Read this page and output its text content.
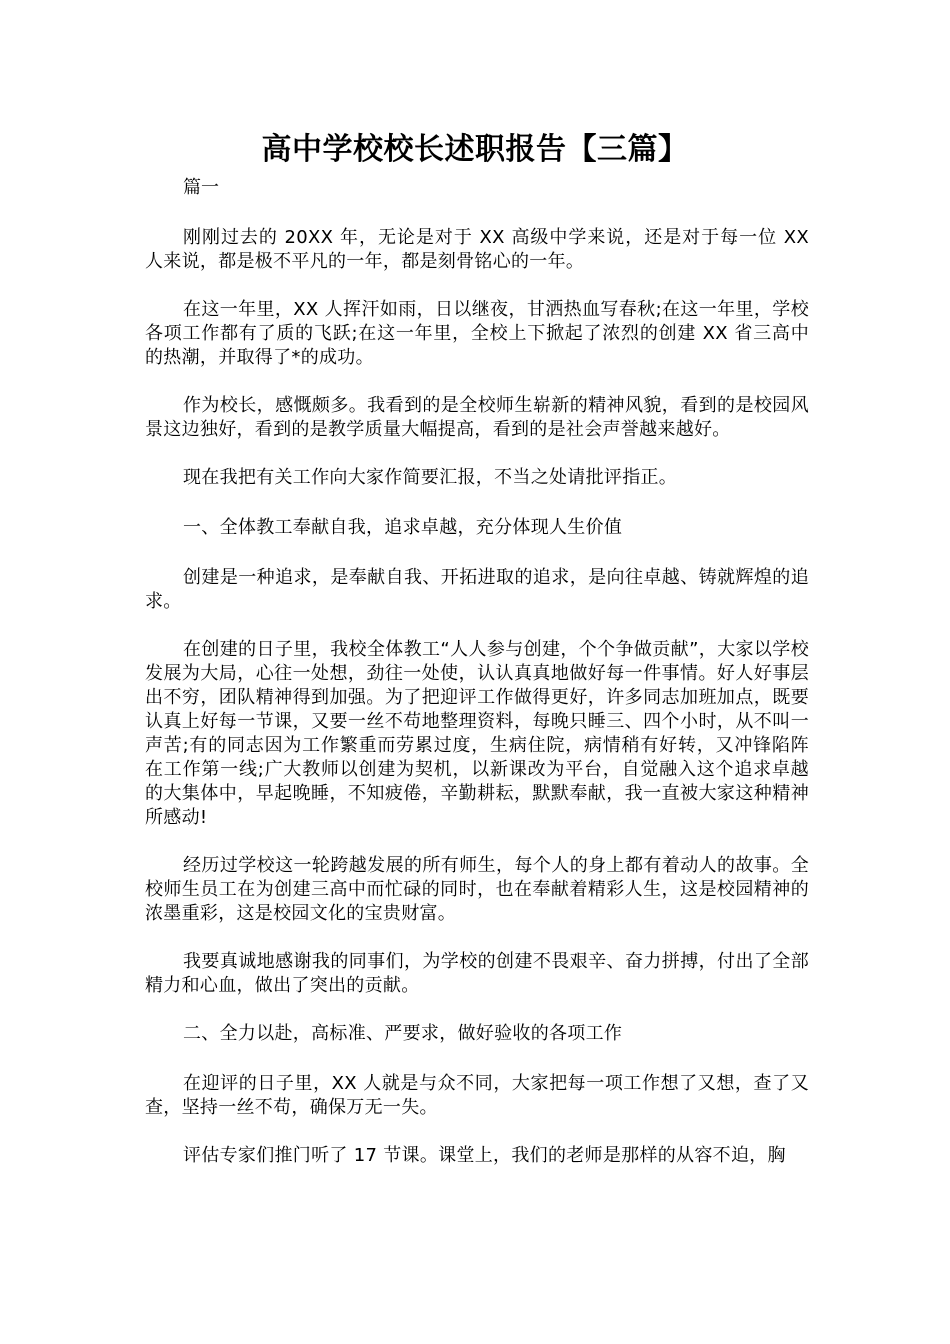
高中学校校长述职报告【三篇】

篇一

刚刚过去的 20XX 年，无论是对于 XX 高级中学来说，还是对于每一位 XX 人来说，都是极不平凡的一年，都是刻骨铭心的一年。

在这一年里，XX 人挥汗如雨，日以继夜，甘洒热血写春秋;在这一年里，学校各项工作都有了质的飞跃;在这一年里，全校上下掀起了浓烈的创建 XX 省三高中的热潮，并取得了*的成功。

作为校长，感慨颇多。我看到的是全校师生崭新的精神风貌，看到的是校园风景这边独好，看到的是教学质量大幅提高，看到的是社会声誉越来越好。

现在我把有关工作向大家作简要汇报，不当之处请批评指正。

一、全体教工奉献自我，追求卓越，充分体现人生价值

创建是一种追求，是奉献自我、开拓进取的追求，是向往卓越、铸就辉煌的追求。

在创建的日子里，我校全体教工“人人参与创建，个个争做贡献”，大家以学校发展为大局，心往一处想，劲往一处使，认认真真地做好每一件事情。好人好事层出不穷，团队精神得到加强。为了把迎评工作做得更好，许多同志加班加点，既要认真上好每一节课，又要一丝不苟地整理资料，每晚只睡三、四个小时，从不叫一声苦;有的同志因为工作繁重而劳累过度，生病住院，病情稍有好转，又冲锋陷阵在工作第一线;广大教师以创建为契机，以新课改为平台，自觉融入这个追求卓越的大集体中，早起晚睡，不知疲倦，辛勤耕耘，默默奉献，我一直被大家这种精神所感动!

经历过学校这一轮跨越发展的所有师生，每个人的身上都有着动人的故事。全校师生员工在为创建三高中而忙碌的同时，也在奉献着精彩人生，这是校园精神的浓墨重彩，这是校园文化的宝贵财富。

我要真诚地感谢我的同事们，为学校的创建不畏艰辛、奋力拼搏，付出了全部精力和心血，做出了突出的贡献。

二、全力以赴，高标准、严要求，做好验收的各项工作

在迎评的日子里，XX 人就是与众不同，大家把每一项工作想了又想，查了又查，坚持一丝不苟，确保万无一失。

评估专家们推门听了 17 节课。课堂上，我们的老师是那样的从容不迫，胸
